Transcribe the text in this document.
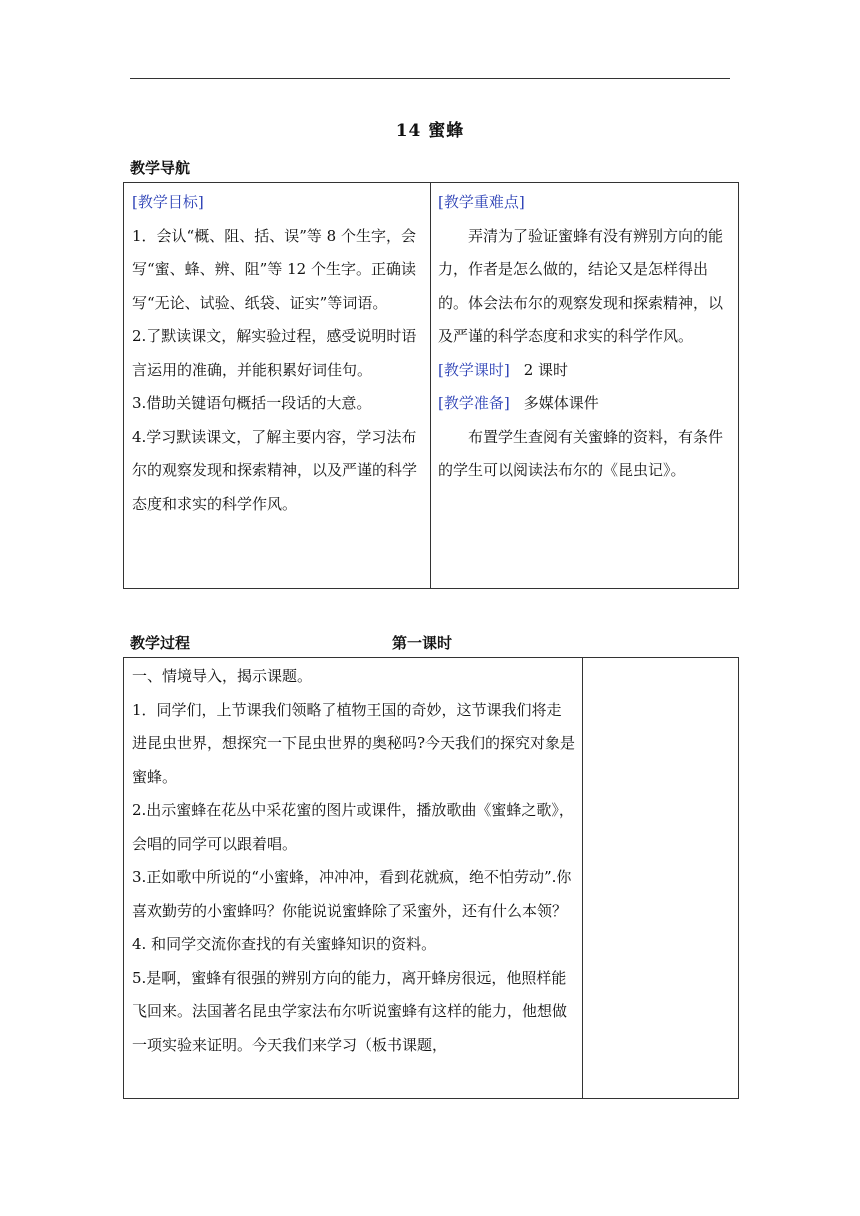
14 蜜蜂
教学导航

[教学目标]

1．会认“概、阻、括、误”等 8 个生字，会写“蜜、蜂、辨、阻”等 12 个生字。正确读写“无论、试验、纸袋、证实”等词语。

2.了默读课文，解实验过程，感受说明时语言运用的准确，并能积累好词佳句。

3.借助关键语句概括一段话的大意。

4.学习默读课文，了解主要内容，学习法布尔的观察发现和探索精神，以及严谨的科学态度和求实的科学作风。

[教学重难点]

弄清为了验证蜜蜂有没有辨别方向的能力，作者是怎么做的，结论又是怎样得出的。体会法布尔的观察发现和探索精神，以及严谨的科学态度和求实的科学作风。

[教学课时] 2 课时

[教学准备] 多媒体课件

布置学生查阅有关蜜蜂的资料，有条件的学生可以阅读法布尔的《昆虫记》。

教学过程	第一课时

一、情境导入，揭示课题。

1．同学们，上节课我们领略了植物王国的奇妙，这节课我们将走进昆虫世界，想探究一下昆虫世界的奥秘吗?今天我们的探究对象是蜜蜂。

2.出示蜜蜂在花丛中采花蜜的图片或课件，播放歌曲《蜜蜂之歌》，会唱的同学可以跟着唱。

3.正如歌中所说的“小蜜蜂，冲冲冲，看到花就疯，绝不怕劳动”.你喜欢勤劳的小蜜蜂吗？你能说说蜜蜂除了采蜜外，还有什么本领？

4. 和同学交流你查找的有关蜜蜂知识的资料。

5.是啊，蜜蜂有很强的辨别方向的能力，离开蜂房很远，他照样能飞回来。法国著名昆虫学家法布尔听说蜜蜂有这样的能力，他想做一项实验来证明。今天我们来学习（板书课题，
